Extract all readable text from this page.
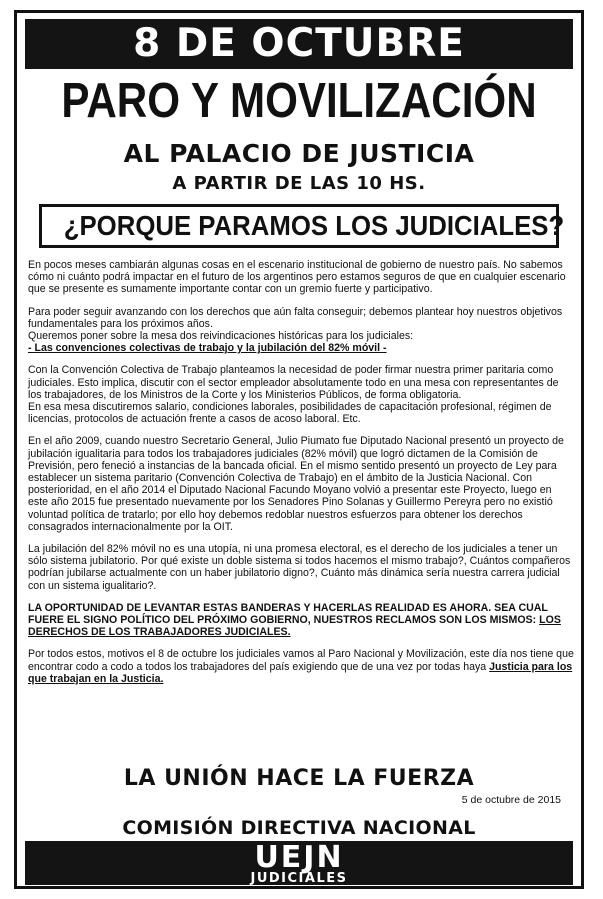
8 DE OCTUBRE
PARO Y MOVILIZACIÓN
AL PALACIO DE JUSTICIA
A PARTIR DE LAS 10 HS.
¿PORQUE PARAMOS LOS JUDICIALES?

En pocos meses cambiarán algunas cosas en el escenario institucional de gobierno de nuestro país. No sabemos cómo ni cuánto podrá impactar en el futuro de los argentinos pero estamos seguros de que en cualquier escenario que se presente es sumamente importante contar con un gremio fuerte y participativo.

Para poder seguir avanzando con los derechos que aún falta conseguir; debemos plantear hoy nuestros objetivos fundamentales para los próximos años.

Queremos poner sobre la mesa dos reivindicaciones históricas para los judiciales:

- Las convenciones colectivas de trabajo y la jubilación del 82% móvil -

Con la Convención Colectiva de Trabajo planteamos la necesidad de poder firmar nuestra primer paritaria como judiciales. Esto implica, discutir con el sector empleador absolutamente todo en una mesa con representantes de los trabajadores, de los Ministros de la Corte y los Ministerios Públicos, de forma obligatoria.

En esa mesa discutiremos salario, condiciones laborales, posibilidades de capacitación profesional, régimen de licencias, protocolos de actuación frente a casos de acoso laboral. Etc.

En el año 2009, cuando nuestro Secretario General, Julio Piumato fue Diputado Nacional presentó un proyecto de jubilación igualitaria para todos los trabajadores judiciales (82% móvil) que logró dictamen de la Comisión de Previsión, pero feneció a instancias de la bancada oficial. En el mismo sentido presentó un proyecto de Ley para establecer un sistema paritario (Convención Colectiva de Trabajo) en el ámbito de la Justicia Nacional. Con posterioridad, en el año 2014 el Diputado Nacional Facundo Moyano volvió a presentar este Proyecto, luego en este año 2015 fue presentado nuevamente por los Senadores Pino Solanas y Guillermo Pereyra pero no existió voluntad política de tratarlo; por ello hoy debemos redoblar nuestros esfuerzos para obtener los derechos consagrados internacionalmente por la OIT.

La jubilación del 82% móvil no es una utopía, ni una promesa electoral, es el derecho de los judiciales a tener un sólo sistema jubilatorio. Por qué existe un doble sistema si todos hacemos el mismo trabajo?, Cuántos compañeros podrían jubilarse actualmente con un haber jubilatorio digno?, Cuánto más dinámica sería nuestra carrera judicial con un sistema igualitario?.

LA OPORTUNIDAD DE LEVANTAR ESTAS BANDERAS Y HACERLAS REALIDAD ES AHORA. SEA CUAL FUERE EL SIGNO POLÍTICO DEL PRÓXIMO GOBIERNO, NUESTROS RECLAMOS SON LOS MISMOS: LOS DERECHOS DE LOS TRABAJADORES JUDICIALES.

Por todos estos, motivos el 8 de octubre los judiciales vamos al Paro Nacional y Movilización, este día nos tiene que encontrar codo a codo a todos los trabajadores del país exigiendo que de una vez por todas haya Justicia para los que trabajan en la Justicia.

LA UNIÓN HACE LA FUERZA
5 de octubre de 2015
COMISIÓN DIRECTIVA NACIONAL
UEJN
JUDICIALES
